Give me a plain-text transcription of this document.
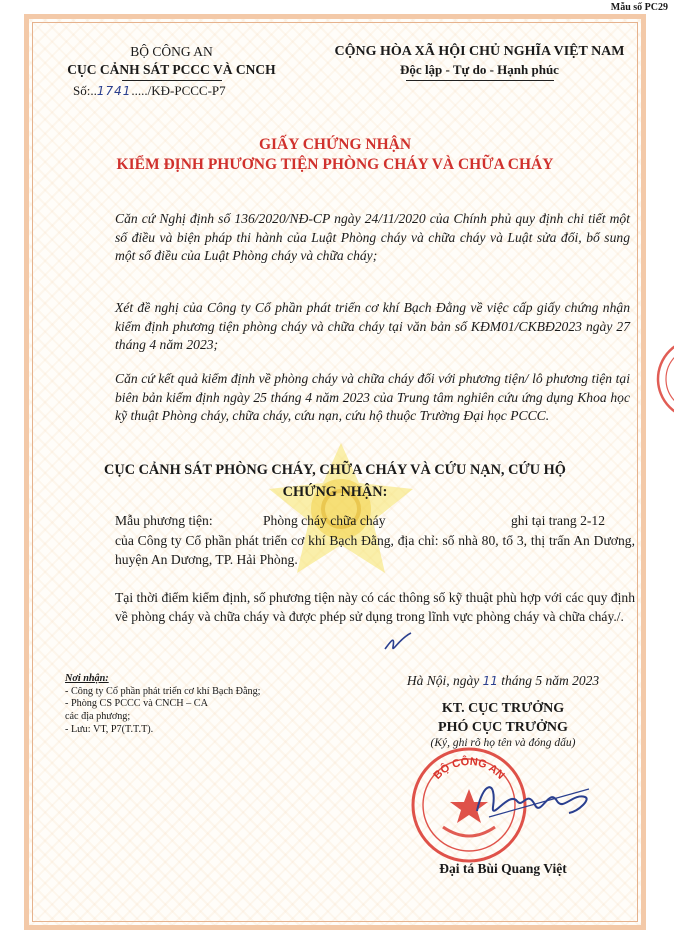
Mẫu số PC29
BỘ CÔNG AN
CỤC CẢNH SÁT PCCC VÀ CNCH
CỘNG HÒA XÃ HỘI CHỦ NGHĨA VIỆT NAM
Độc lập - Tự do - Hạnh phúc
Số:..1741...../KĐ-PCCC-P7
GIẤY CHỨNG NHẬN
KIỂM ĐỊNH PHƯƠNG TIỆN PHÒNG CHÁY VÀ CHỮA CHÁY
Căn cứ Nghị định số 136/2020/NĐ-CP ngày 24/11/2020 của Chính phủ quy định chi tiết một số điều và biện pháp thi hành của Luật Phòng cháy và chữa cháy và Luật sửa đổi, bổ sung một số điều của Luật Phòng cháy và chữa cháy;
Xét đề nghị của Công ty Cổ phần phát triển cơ khí Bạch Đằng về việc cấp giấy chứng nhận kiểm định phương tiện phòng cháy và chữa cháy tại văn bản số KĐM01/CKBĐ2023 ngày 27 tháng 4 năm 2023;
Căn cứ kết quả kiểm định về phòng cháy và chữa cháy đối với phương tiện/ lô phương tiện tại biên bản kiểm định ngày 25 tháng 4 năm 2023 của Trung tâm nghiên cứu ứng dụng Khoa học kỹ thuật Phòng cháy, chữa cháy, cứu nạn, cứu hộ thuộc Trường Đại học PCCC.
CỤC CẢNH SÁT PHÒNG CHÁY, CHỮA CHÁY VÀ CỨU NẠN, CỨU HỘ
CHỨNG NHẬN:
Mẫu phương tiện:	Phòng cháy chữa cháy	ghi tại trang 2-12
của Công ty Cổ phần phát triển cơ khí Bạch Đằng, địa chỉ: số nhà 80, tổ 3, thị trấn An Dương, huyện An Dương, TP. Hải Phòng.
Tại thời điểm kiểm định, số phương tiện này có các thông số kỹ thuật phù hợp với các quy định về phòng cháy và chữa cháy và được phép sử dụng trong lĩnh vực phòng cháy và chữa cháy./.
Nơi nhận:
- Công ty Cổ phần phát triển cơ khí Bạch Đằng;
- Phòng CS PCCC và CNCH – CA
các địa phương;
- Lưu: VT, P7(T.T.T).
Hà Nội, ngày 11 tháng 5 năm 2023
KT. CỤC TRƯỞNG
PHÓ CỤC TRƯỞNG
(Ký, ghi rõ họ tên và đóng dấu)
BỘ CÔNG AN
Đại tá Bùi Quang Việt
